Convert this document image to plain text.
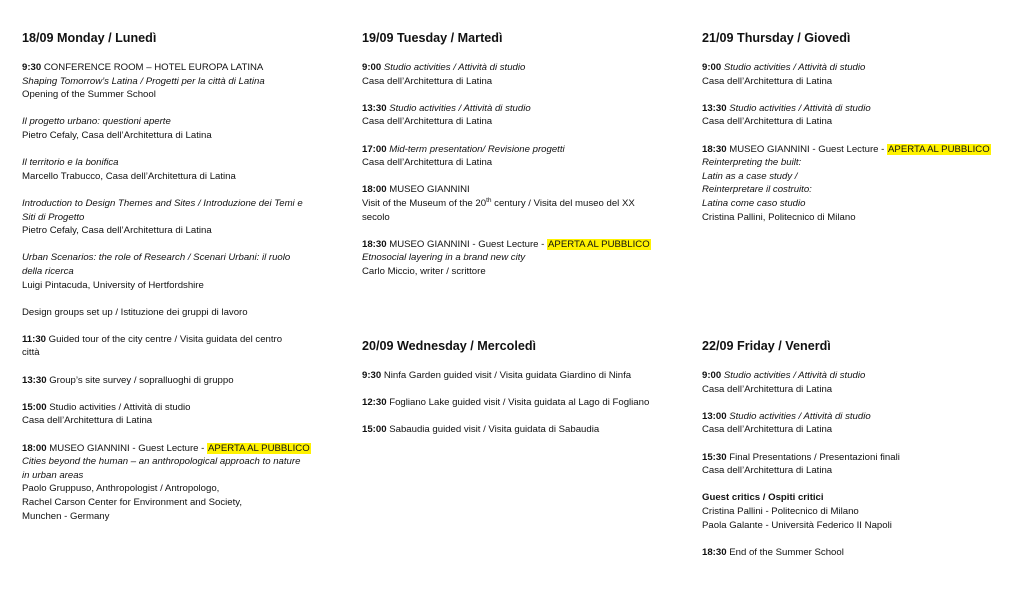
18/09 Monday / Lunedì
9:30 CONFERENCE ROOM – HOTEL EUROPA LATINA
Shaping Tomorrow’s Latina / Progetti per la città di Latina
Opening of the Summer School
Il progetto urbano: questioni aperte
Pietro Cefaly, Casa dell’Architettura di Latina
Il territorio e la bonifica
Marcello Trabucco, Casa dell’Architettura di Latina
Introduction to Design Themes and Sites / Introduzione dei Temi e
Siti di Progetto
Pietro Cefaly, Casa dell’Architettura di Latina
Urban Scenarios: the role of Research / Scenari Urbani: il ruolo
della ricerca
Luigi Pintacuda, University of Hertfordshire
Design groups set up / Istituzione dei gruppi di lavoro
11:30 Guided tour of the city centre / Visita guidata del centro
città
13:30 Group’s site survey / sopralluoghi di gruppo
15:00 Studio activities / Attività di studio
Casa dell’Architettura di Latina
18:00 MUSEO GIANNINI - Guest Lecture - APERTA AL PUBBLICO
Cities beyond the human – an anthropological approach to nature
in urban areas
Paolo Gruppuso, Anthropologist / Antropologo,
Rachel Carson Center for Environment and Society,
Munchen - Germany
19/09 Tuesday / Martedì
9:00 Studio activities / Attività di studio
Casa dell’Architettura di Latina
13:30 Studio activities / Attività di studio
Casa dell’Architettura di Latina
17:00 Mid-term presentation/ Revisione progetti
Casa dell’Architettura di Latina
18:00 MUSEO GIANNINI
Visit of the Museum of the 20th century / Visita del museo del XX
secolo
18:30 MUSEO GIANNINI - Guest Lecture - APERTA AL PUBBLICO
Etnosocial layering in a brand new city
Carlo Miccio, writer / scrittore
20/09 Wednesday / Mercoledì
9:30 Ninfa Garden guided visit / Visita guidata Giardino di Ninfa
12:30 Fogliano Lake guided visit / Visita guidata al Lago di Fogliano
15:00 Sabaudia guided visit / Visita guidata di Sabaudia
21/09 Thursday / Giovedì
9:00 Studio activities / Attività di studio
Casa dell’Architettura di Latina
13:30 Studio activities / Attività di studio
Casa dell’Architettura di Latina
18:30 MUSEO GIANNINI - Guest Lecture - APERTA AL PUBBLICO
Reinterpreting the built:
Latin as a case study /
Reinterpretare il costruito:
Latina come caso studio
Cristina Pallini, Politecnico di Milano
22/09 Friday / Venerdì
9:00 Studio activities / Attività di studio
Casa dell’Architettura di Latina
13:00 Studio activities / Attività di studio
Casa dell’Architettura di Latina
15:30 Final Presentations / Presentazioni finali
Casa dell’Architettura di Latina
Guest critics / Ospiti critici
Cristina Pallini - Politecnico di Milano
Paola Galante - Università Federico II Napoli
18:30 End of the Summer School
